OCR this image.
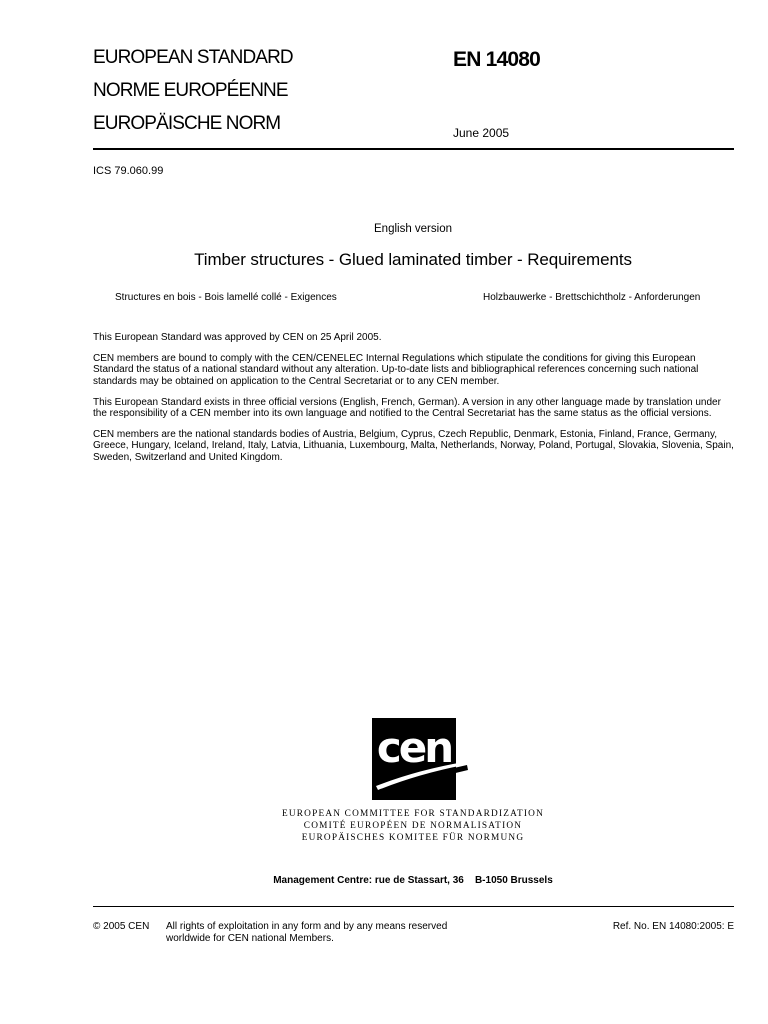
EUROPEAN STANDARD
NORME EUROPÉENNE
EUROPÄISCHE NORM
EN 14080
June 2005
ICS 79.060.99
English version
Timber structures - Glued laminated timber - Requirements
Structures en bois - Bois lamellé collé - Exigences	Holzbauwerke - Brettschichtholz - Anforderungen

This European Standard was approved by CEN on 25 April 2005.

CEN members are bound to comply with the CEN/CENELEC Internal Regulations which stipulate the conditions for giving this European Standard the status of a national standard without any alteration. Up-to-date lists and bibliographical references concerning such national standards may be obtained on application to the Central Secretariat or to any CEN member.

This European Standard exists in three official versions (English, French, German). A version in any other language made by translation under the responsibility of a CEN member into its own language and notified to the Central Secretariat has the same status as the official versions.

CEN members are the national standards bodies of Austria, Belgium, Cyprus, Czech Republic, Denmark, Estonia, Finland, France, Germany, Greece, Hungary, Iceland, Ireland, Italy, Latvia, Lithuania, Luxembourg, Malta, Netherlands, Norway, Poland, Portugal, Slovakia, Slovenia, Spain, Sweden, Switzerland and United Kingdom.

cen
EUROPEAN COMMITTEE FOR STANDARDIZATION
COMITÉ EUROPÉEN DE NORMALISATION
EUROPÄISCHES KOMITEE FÜR NORMUNG
Management Centre: rue de Stassart, 36    B-1050 Brussels
© 2005 CEN All rights of exploitation in any form and by any means reserved
worldwide for CEN national Members.
Ref. No. EN 14080:2005: E
